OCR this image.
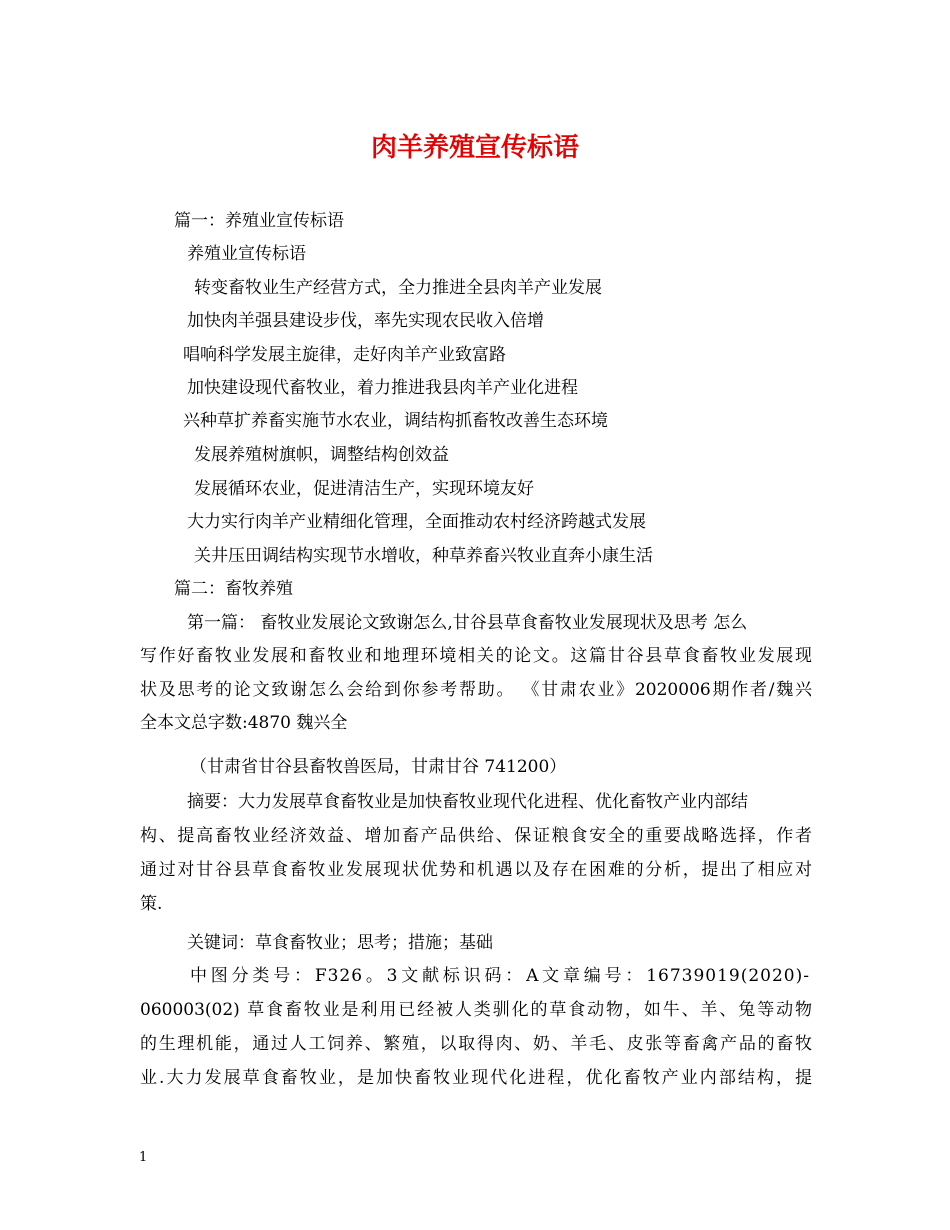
肉羊养殖宣传标语
篇一：养殖业宣传标语
养殖业宣传标语
转变畜牧业生产经营方式，全力推进全县肉羊产业发展
加快肉羊强县建设步伐，率先实现农民收入倍增
唱响科学发展主旋律，走好肉羊产业致富路
加快建设现代畜牧业，着力推进我县肉羊产业化进程
兴种草扩养畜实施节水农业，调结构抓畜牧改善生态环境
发展养殖树旗帜，调整结构创效益
发展循环农业，促进清洁生产，实现环境友好
大力实行肉羊产业精细化管理，全面推动农村经济跨越式发展
关井压田调结构实现节水增收，种草养畜兴牧业直奔小康生活
篇二：畜牧养殖
第一篇： 畜牧业发展论文致谢怎么,甘谷县草食畜牧业发展现状及思考 怎么
写作好畜牧业发展和畜牧业和地理环境相关的论文。这篇甘谷县草食畜牧业发展现
状及思考的论文致谢怎么会给到你参考帮助。 《甘肃农业》2020006期作者/魏兴
全本文总字数:4870 魏兴全
（甘肃省甘谷县畜牧兽医局，甘肃甘谷 741200）
摘要：大力发展草食畜牧业是加快畜牧业现代化进程、优化畜牧产业内部结
构、提高畜牧业经济效益、增加畜产品供给、保证粮食安全的重要战略选择，作者
通过对甘谷县草食畜牧业发展现状优势和机遇以及存在困难的分析，提出了相应对
策.
关键词：草食畜牧业；思考；措施；基础
中图分类号：F326。3文献标识码：A文章编号：16739019(2020)-
060003(02) 草食畜牧业是利用已经被人类驯化的草食动物，如牛、羊、兔等动物
的生理机能，通过人工饲养、繁殖，以取得肉、奶、羊毛、皮张等畜禽产品的畜牧
业.大力发展草食畜牧业，是加快畜牧业现代化进程，优化畜牧产业内部结构，提
1
